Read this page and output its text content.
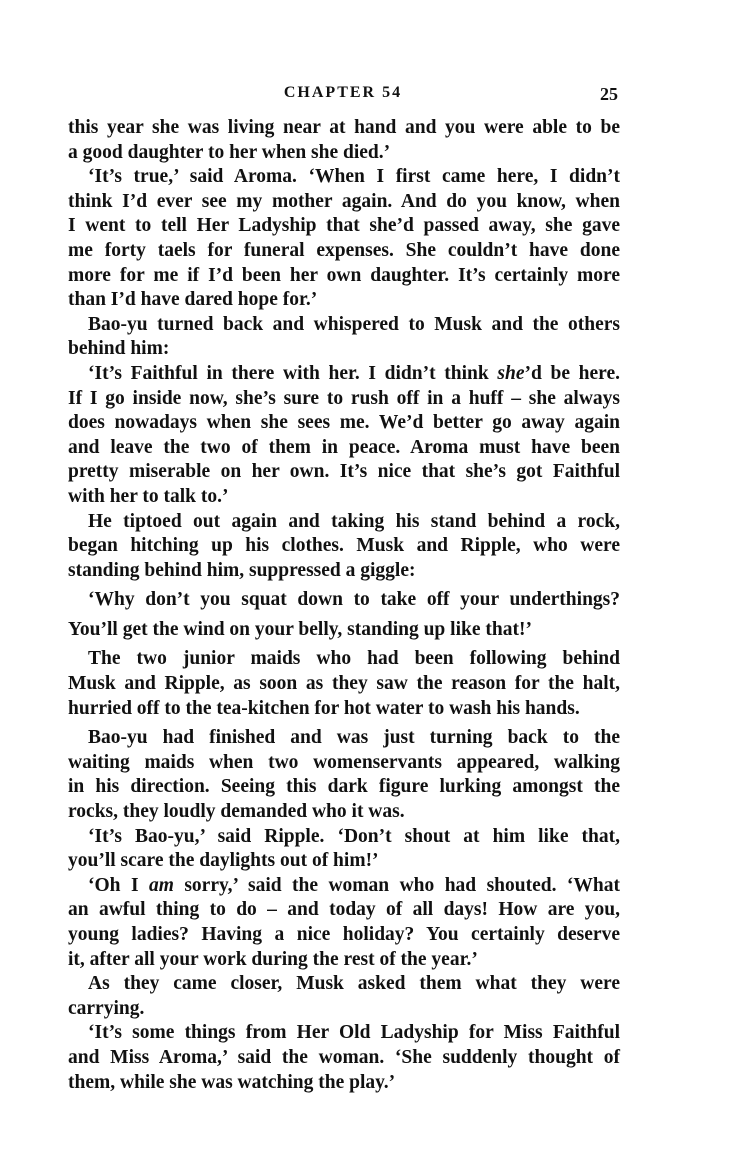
CHAPTER 54	25
this year she was living near at hand and you were able to be
a good daughter to her when she died.’
‘It’s true,’ said Aroma. ‘When I first came here, I didn’t
think I’d ever see my mother again. And do you know, when
I went to tell Her Ladyship that she’d passed away, she gave
me forty taels for funeral expenses. She couldn’t have done
more for me if I’d been her own daughter. It’s certainly more
than I’d have dared hope for.’
Bao-yu turned back and whispered to Musk and the others
behind him:
‘It’s Faithful in there with her. I didn’t think she’d be here.
If I go inside now, she’s sure to rush off in a huff – she always
does nowadays when she sees me. We’d better go away again
and leave the two of them in peace. Aroma must have been
pretty miserable on her own. It’s nice that she’s got Faithful
with her to talk to.’
He tiptoed out again and taking his stand behind a rock,
began hitching up his clothes. Musk and Ripple, who were
standing behind him, suppressed a giggle:
‘Why don’t you squat down to take off your underthings?
You’ll get the wind on your belly, standing up like that!’
The two junior maids who had been following behind
Musk and Ripple, as soon as they saw the reason for the halt,
hurried off to the tea-kitchen for hot water to wash his hands.
Bao-yu had finished and was just turning back to the
waiting maids when two womenservants appeared, walking
in his direction. Seeing this dark figure lurking amongst the
rocks, they loudly demanded who it was.
‘It’s Bao-yu,’ said Ripple. ‘Don’t shout at him like that,
you’ll scare the daylights out of him!’
‘Oh I am sorry,’ said the woman who had shouted. ‘What
an awful thing to do – and today of all days! How are you,
young ladies? Having a nice holiday? You certainly deserve
it, after all your work during the rest of the year.’
As they came closer, Musk asked them what they were
carrying.
‘It’s some things from Her Old Ladyship for Miss Faithful
and Miss Aroma,’ said the woman. ‘She suddenly thought of
them, while she was watching the play.’
